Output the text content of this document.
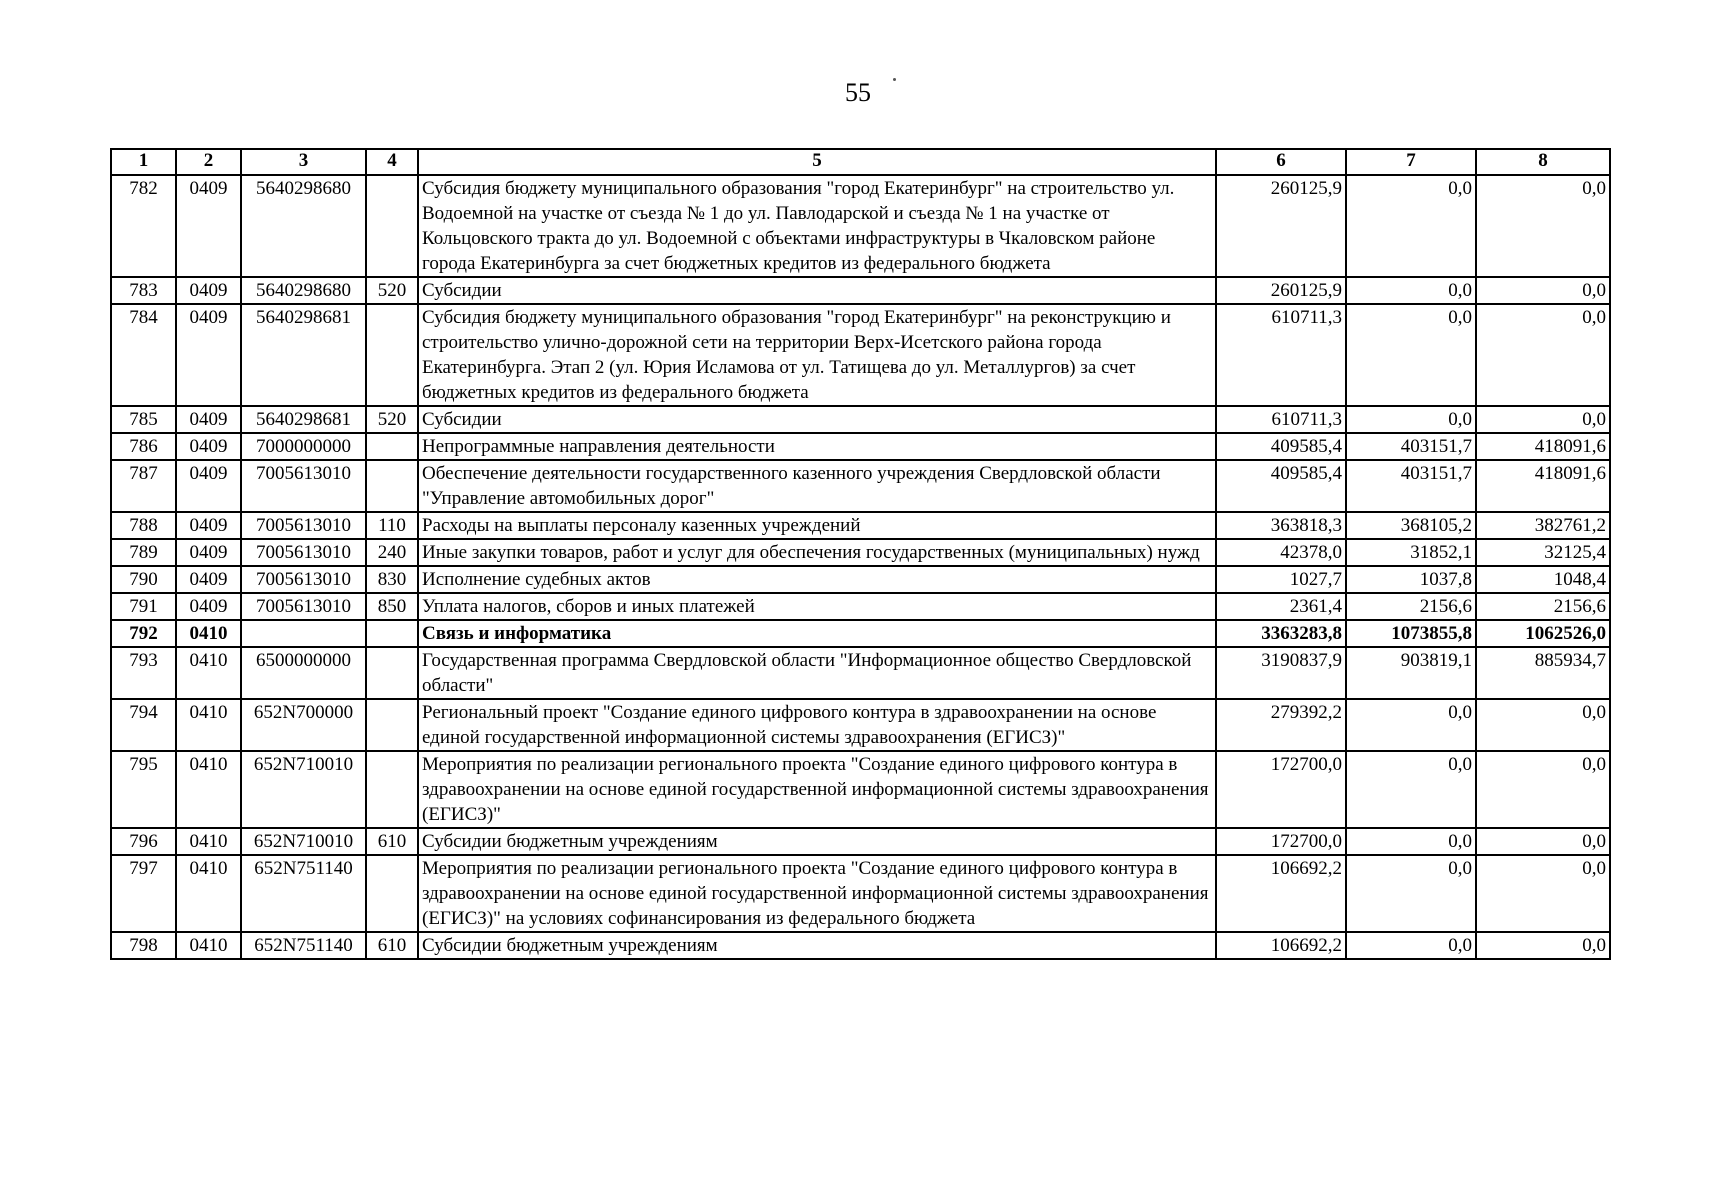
55
1	2	3	4	5	6	7	8
782	0409	5640298680		Субсидия бюджету муниципального образования "город Екатеринбург" на строительство ул. Водоемной на участке от съезда № 1 до ул. Павлодарской и съезда № 1 на участке от Кольцовского тракта до ул. Водоемной с объектами инфраструктуры в Чкаловском районе города Екатеринбурга за счет бюджетных кредитов из федерального бюджета	260125,9	0,0	0,0
783	0409	5640298680	520	Субсидии	260125,9	0,0	0,0
784	0409	5640298681		Субсидия бюджету муниципального образования "город Екатеринбург" на реконструкцию и строительство улично-дорожной сети на территории Верх-Исетского района города Екатеринбурга. Этап 2 (ул. Юрия Исламова от ул. Татищева до ул. Металлургов) за счет бюджетных кредитов из федерального бюджета	610711,3	0,0	0,0
785	0409	5640298681	520	Субсидии	610711,3	0,0	0,0
786	0409	7000000000		Непрограммные направления деятельности	409585,4	403151,7	418091,6
787	0409	7005613010		Обеспечение деятельности государственного казенного учреждения Свердловской области "Управление автомобильных дорог"	409585,4	403151,7	418091,6
788	0409	7005613010	110	Расходы на выплаты персоналу казенных учреждений	363818,3	368105,2	382761,2
789	0409	7005613010	240	Иные закупки товаров, работ и услуг для обеспечения государственных (муниципальных) нужд	42378,0	31852,1	32125,4
790	0409	7005613010	830	Исполнение судебных актов	1027,7	1037,8	1048,4
791	0409	7005613010	850	Уплата налогов, сборов и иных платежей	2361,4	2156,6	2156,6
792	0410			Связь и информатика	3363283,8	1073855,8	1062526,0
793	0410	6500000000		Государственная программа Свердловской области "Информационное общество Свердловской области"	3190837,9	903819,1	885934,7
794	0410	652N700000		Региональный проект "Создание единого цифрового контура в здравоохранении на основе единой государственной информационной системы здравоохранения (ЕГИСЗ)"	279392,2	0,0	0,0
795	0410	652N710010		Мероприятия по реализации регионального проекта "Создание единого цифрового контура в здравоохранении на основе единой государственной информационной системы здравоохранения (ЕГИСЗ)"	172700,0	0,0	0,0
796	0410	652N710010	610	Субсидии бюджетным учреждениям	172700,0	0,0	0,0
797	0410	652N751140		Мероприятия по реализации регионального проекта "Создание единого цифрового контура в здравоохранении на основе единой государственной информационной системы здравоохранения (ЕГИСЗ)" на условиях софинансирования из федерального бюджета	106692,2	0,0	0,0
798	0410	652N751140	610	Субсидии бюджетным учреждениям	106692,2	0,0	0,0
